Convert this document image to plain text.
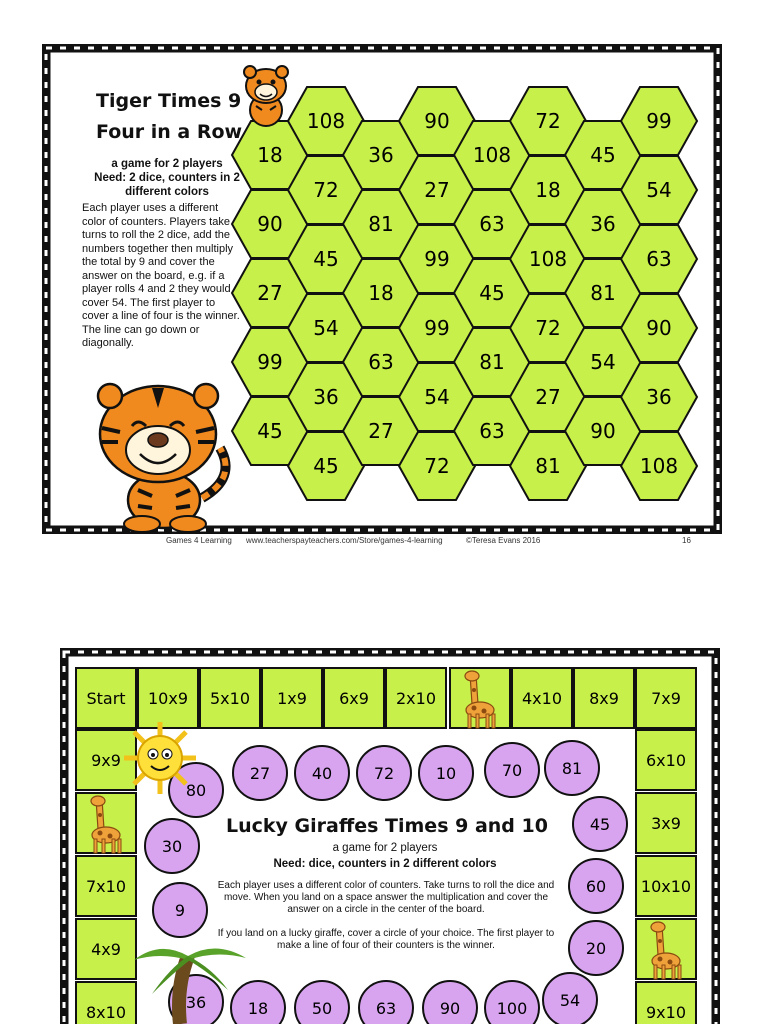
18
90
27
99
45
108
72
45
54
36
45
36
81
18
63
27
90
27
99
99
54
72
108
63
45
81
63
72
18
108
72
27
81
45
36
81
54
90
99
54
63
90
36
108
Tiger Times 9
Four in a Row
a game for 2 players
Need: 2 dice, counters in 2 different colors
Each player uses a different color of counters. Players take turns to roll the 2 dice, add the numbers together then multiply the total by 9 and cover the answer on the board, e.g. if a player rolls 4 and 2 they would cover 54. The first player to cover a line of four is the winner. The line can go down or diagonally.
Games 4 Learning www.teacherspayteachers.com/Store/games-4-learning	©Teresa Evans 2016	16
Start 10x9 5x10 1x9 6x9 2x10	4x10 8x9 7x9
9x9
7x10
4x9
8x10
6x10
3x9
10x10
9x10
80
27	40	72	10	70 81
30
9
45
60
20
36	18	50	63	90 100 54
Lucky Giraffes Times 9 and 10
a game for 2 players
Need: dice, counters in 2 different colors
Each player uses a different color of counters. Take turns to roll the dice and move. When you land on a space answer the multiplication and cover the answer on a circle in the center of the board.
If you land on a lucky giraffe, cover a circle of your choice. The first player to make a line of four of their counters is the winner.
